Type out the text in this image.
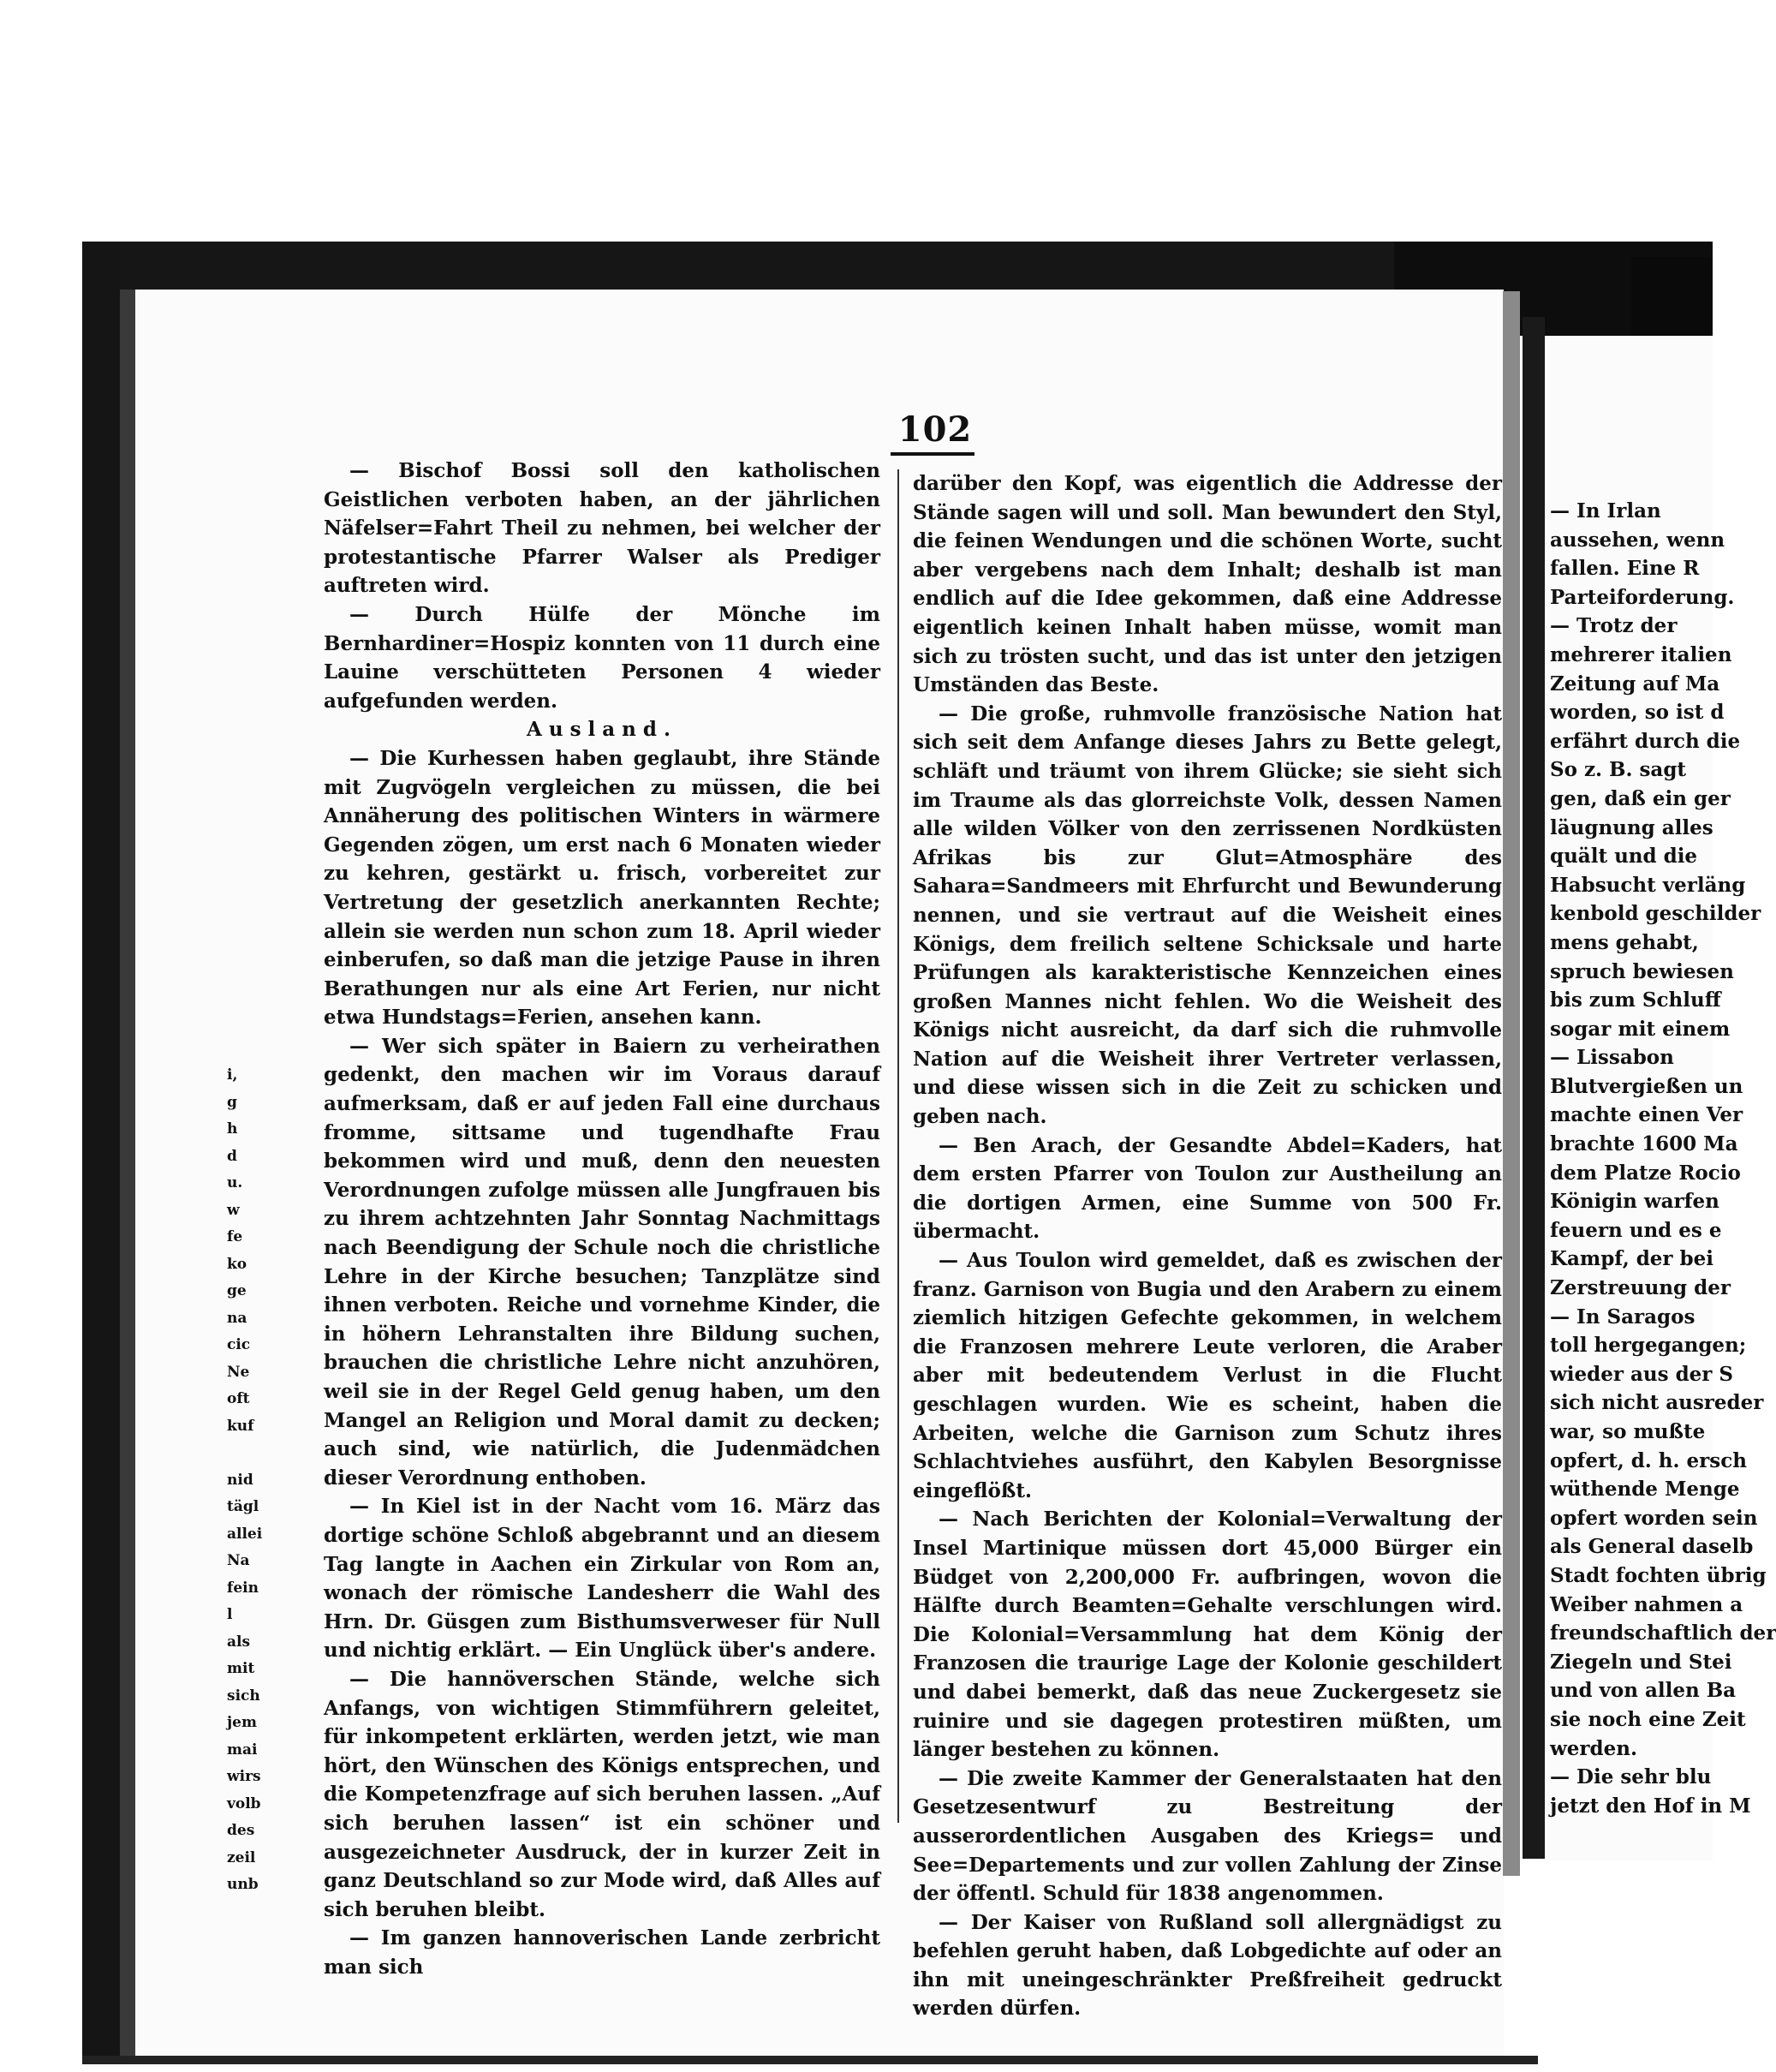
102

— Bischof Bossi soll den katholischen Geistlichen verboten haben, an der jährlichen Näfelser=Fahrt Theil zu nehmen, bei welcher der protestantische Pfarrer Walser als Prediger auftreten wird.

— Durch Hülfe der Mönche im Bernhardiner=Hospiz konnten von 11 durch eine Lauine verschütteten Personen 4 wieder aufgefunden werden.

Ausland.

— Die Kurhessen haben geglaubt, ihre Stände mit Zugvögeln vergleichen zu müssen, die bei Annäherung des politischen Winters in wärmere Gegenden zögen, um erst nach 6 Monaten wieder zu kehren, gestärkt u. frisch, vorbereitet zur Vertretung der gesetzlich anerkannten Rechte; allein sie werden nun schon zum 18. April wieder einberufen, so daß man die jetzige Pause in ihren Berathungen nur als eine Art Ferien, nur nicht etwa Hundstags=Ferien, ansehen kann.

— Wer sich später in Baiern zu verheirathen gedenkt, den machen wir im Voraus darauf aufmerksam, daß er auf jeden Fall eine durchaus fromme, sittsame und tugendhafte Frau bekommen wird und muß, denn den neuesten Verordnungen zufolge müssen alle Jungfrauen bis zu ihrem achtzehnten Jahr Sonntag Nachmittags nach Beendigung der Schule noch die christliche Lehre in der Kirche besuchen; Tanzplätze sind ihnen verboten. Reiche und vornehme Kinder, die in höhern Lehranstalten ihre Bildung suchen, brauchen die christliche Lehre nicht anzuhören, weil sie in der Regel Geld genug haben, um den Mangel an Religion und Moral damit zu decken; auch sind, wie natürlich, die Judenmädchen dieser Verordnung enthoben.

— In Kiel ist in der Nacht vom 16. März das dortige schöne Schloß abgebrannt und an diesem Tag langte in Aachen ein Zirkular von Rom an, wonach der römische Landesherr die Wahl des Hrn. Dr. Güsgen zum Bisthumsverweser für Null und nichtig erklärt. — Ein Unglück über's andere.

— Die hannöverschen Stände, welche sich Anfangs, von wichtigen Stimmführern geleitet, für inkompetent erklärten, werden jetzt, wie man hört, den Wünschen des Königs entsprechen, und die Kompetenzfrage auf sich beruhen lassen. „Auf sich beruhen lassen“ ist ein schöner und ausgezeichneter Ausdruck, der in kurzer Zeit in ganz Deutschland so zur Mode wird, daß Alles auf sich beruhen bleibt.

— Im ganzen hannoverischen Lande zerbricht man sich

darüber den Kopf, was eigentlich die Addresse der Stände sagen will und soll. Man bewundert den Styl, die feinen Wendungen und die schönen Worte, sucht aber vergebens nach dem Inhalt; deshalb ist man endlich auf die Idee gekommen, daß eine Addresse eigentlich keinen Inhalt haben müsse, womit man sich zu trösten sucht, und das ist unter den jetzigen Umständen das Beste.

— Die große, ruhmvolle französische Nation hat sich seit dem Anfange dieses Jahrs zu Bette gelegt, schläft und träumt von ihrem Glücke; sie sieht sich im Traume als das glorreichste Volk, dessen Namen alle wilden Völker von den zerrissenen Nordküsten Afrikas bis zur Glut=Atmosphäre des Sahara=Sandmeers mit Ehrfurcht und Bewunderung nennen, und sie vertraut auf die Weisheit eines Königs, dem freilich seltene Schicksale und harte Prüfungen als karakteristische Kennzeichen eines großen Mannes nicht fehlen. Wo die Weisheit des Königs nicht ausreicht, da darf sich die ruhmvolle Nation auf die Weisheit ihrer Vertreter verlassen, und diese wissen sich in die Zeit zu schicken und geben nach.

— Ben Arach, der Gesandte Abdel=Kaders, hat dem ersten Pfarrer von Toulon zur Austheilung an die dortigen Armen, eine Summe von 500 Fr. übermacht.

— Aus Toulon wird gemeldet, daß es zwischen der franz. Garnison von Bugia und den Arabern zu einem ziemlich hitzigen Gefechte gekommen, in welchem die Franzosen mehrere Leute verloren, die Araber aber mit bedeutendem Verlust in die Flucht geschlagen wurden. Wie es scheint, haben die Arbeiten, welche die Garnison zum Schutz ihres Schlachtviehes ausführt, den Kabylen Besorgnisse eingeflößt.

— Nach Berichten der Kolonial=Verwaltung der Insel Martinique müssen dort 45,000 Bürger ein Büdget von 2,200,000 Fr. aufbringen, wovon die Hälfte durch Beamten=Gehalte verschlungen wird. Die Kolonial=Versammlung hat dem König der Franzosen die traurige Lage der Kolonie geschildert und dabei bemerkt, daß das neue Zuckergesetz sie ruinire und sie dagegen protestiren müßten, um länger bestehen zu können.

— Die zweite Kammer der Generalstaaten hat den Gesetzesentwurf zu Bestreitung der ausserordentlichen Ausgaben des Kriegs= und See=Departements und zur vollen Zahlung der Zinse der öffentl. Schuld für 1838 angenommen.

— Der Kaiser von Rußland soll allergnädigst zu befehlen geruht haben, daß Lobgedichte auf oder an ihn mit uneingeschränkter Preßfreiheit gedruckt werden dürfen.

— In Irlan
aussehen, wenn
fallen. Eine R
Parteiforderung.
— Trotz der
mehrerer italien
Zeitung auf Ma
worden, so ist d
erfährt durch die
So z. B. sagt
gen, daß ein ger
läugnung alles
quält und die
Habsucht verläng
kenbold geschilder
mens gehabt,
spruch bewiesen
bis zum Schluff
sogar mit einem
— Lissabon
Blutvergießen un
machte einen Ver
brachte 1600 Ma
dem Platze Rocio
Königin warfen
feuern und es e
Kampf, der bei
Zerstreuung der
— In Saragos
toll hergegangen;
wieder aus der S
sich nicht ausreder
war, so mußte
opfert, d. h. ersch
wüthende Menge
opfert worden sein
als General daselb
Stadt fochten übrig
Weiber nahmen a
freundschaftlich der
Ziegeln und Stei
und von allen Ba
sie noch eine Zeit
werden.
— Die sehr blu
jetzt den Hof in M
i,
g
h
d
u.
w
fe
ko
ge
na
cic
Ne
oft
kuf
nid
tägl
allei
Na
fein
l
als
mit
sich
jem
mai
wirs
volb
des
zeil
unb
